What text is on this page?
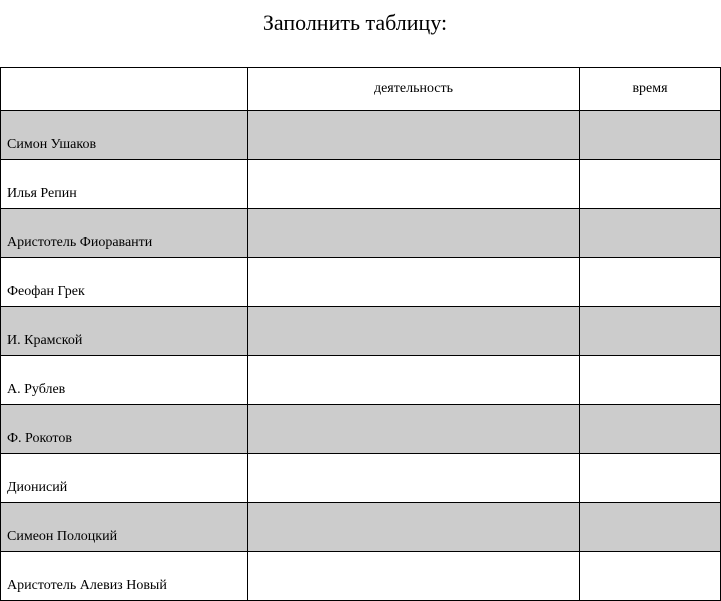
Заполнить таблицу:
	деятельность	время
Симон Ушаков		
Илья Репин		
Аристотель Фиораванти		
Феофан Грек		
И. Крамской		
А. Рублев		
Ф. Рокотов		
Дионисий		
Симеон Полоцкий		
Аристотель Алевиз Новый		
